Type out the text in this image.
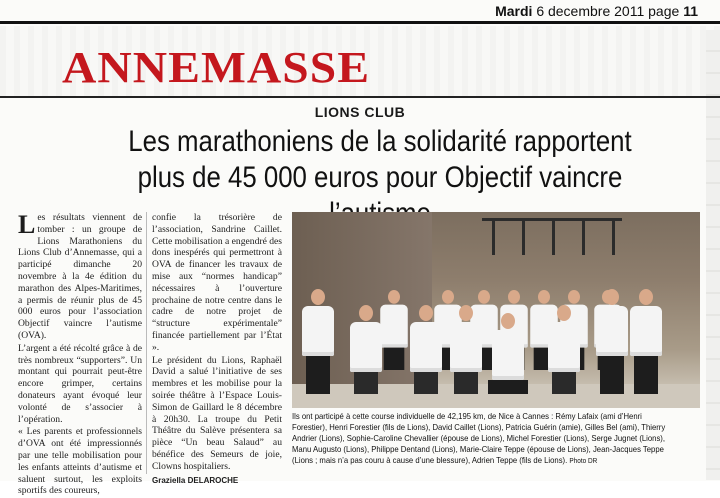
Mardi 6 decembre 2011 page 11
ANNEMASSE
LIONS CLUB
Les marathoniens de la solidarité rapportent
plus de 45 000 euros pour Objectif vaincre

Les résultats viennent de tomber : un groupe de Lions Marathoniens du Lions Club d’Annemasse, qui a participé dimanche 20 novembre à la 4e édition du marathon des Alpes-Maritimes, a permis de réunir plus de 45 000 euros pour l’association Objectif vaincre l’autisme (OVA).

L’argent a été récolté grâce à de très nombreux “supporters”. Un montant qui pourrait peut-être encore grimper, certains donateurs ayant évoqué leur volonté de s’associer à l’opération.

« Les parents et professionnels d’OVA ont été impressionnés par une telle mobilisation pour les enfants atteints d’autisme et saluent surtout, les exploits sportifs des coureurs,

confie la trésorière de l’association, Sandrine Caillet. Cette mobilisation a engendré des dons inespérés qui permettront à OVA de financer les travaux de mise aux “normes handicap” nécessaires à l’ouverture prochaine de notre centre dans le cadre de notre projet de “structure expérimentale” financée partiellement par l’État ».

Le président du Lions, Raphaël David a salué l’initiative de ses membres et les mobilise pour la soirée théâtre à l’Espace Louis-Simon de Gaillard le 8 décembre à 20h30. La troupe du Petit Théâtre du Salève présentera sa pièce “Un beau Salaud” au bénéfice des Semeurs de joie, Clowns hospitaliers.

Graziella DELAROCHE
Ils ont participé à cette course individuelle de 42,195 km, de Nice à Cannes : Rémy Lafaix (ami d’Henri Forestier), Henri Forestier (fils de Lions), David Caillet (Lions), Patricia Guérin (amie), Gilles Bel (ami), Thierry Andrier (Lions), Sophie-Caroline Chevallier (épouse de Lions), Michel Forestier (Lions), Serge Jugnet (Lions), Manu Augusto (Lions), Philippe Dentand (Lions), Marie-Claire Teppe (épouse de Lions), Jean-Jacques Teppe (Lions ; mais n’a pas couru à cause d’une blessure), Adrien Teppe (fils de Lions). Photo DR
